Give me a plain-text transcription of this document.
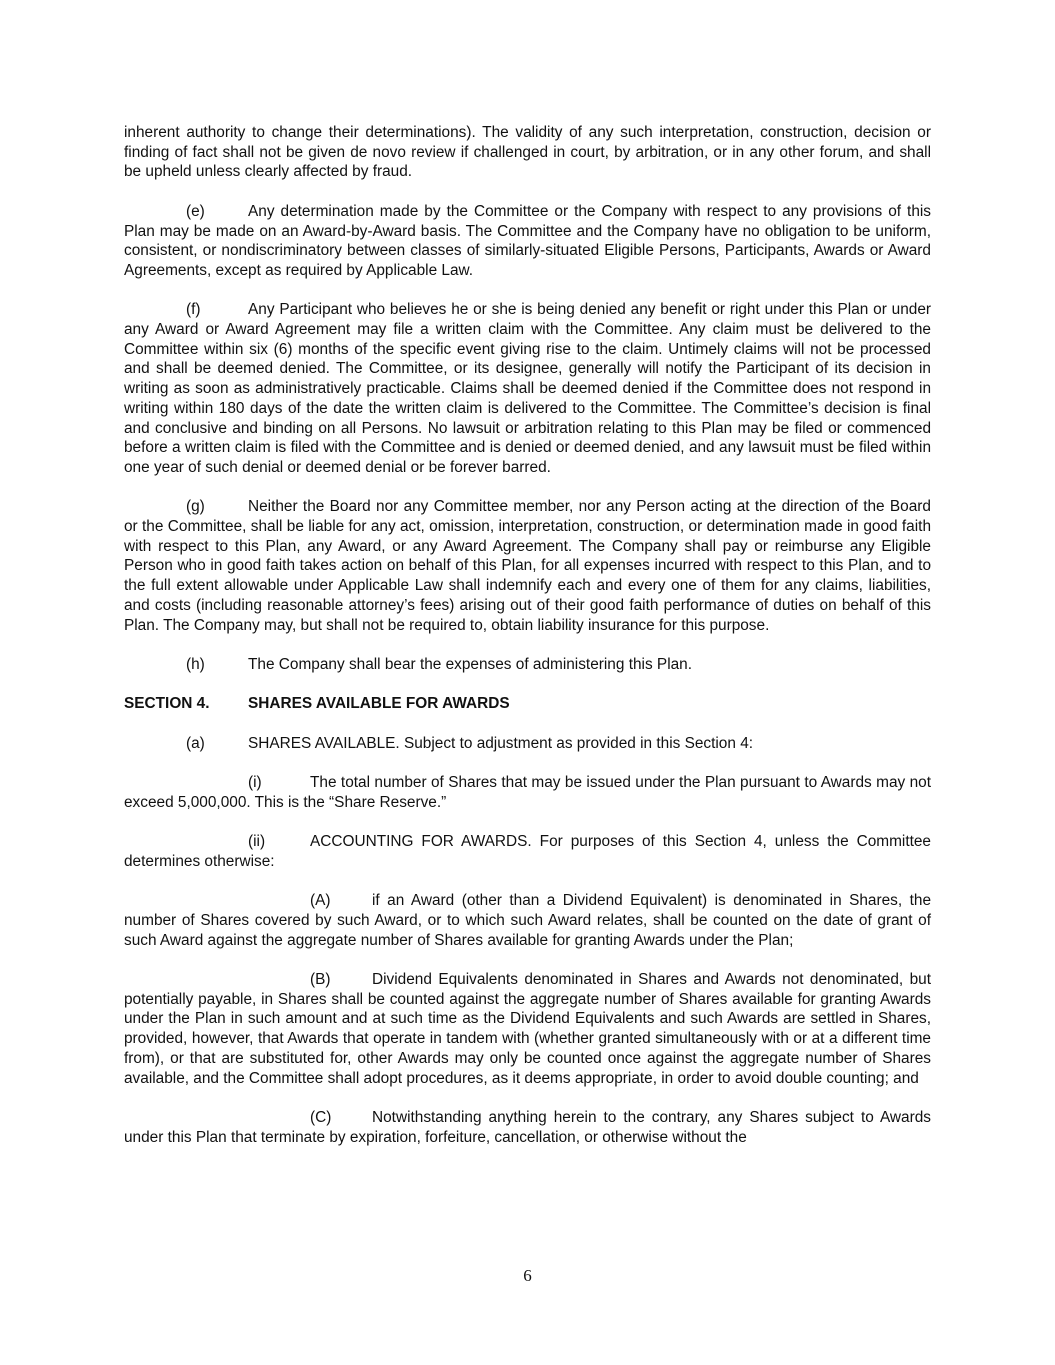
inherent authority to change their determinations). The validity of any such interpretation, construction, decision or finding of fact shall not be given de novo review if challenged in court, by arbitration, or in any other forum, and shall be upheld unless clearly affected by fraud.

(e)	Any determination made by the Committee or the Company with respect to any provisions of this Plan may be made on an Award-by-Award basis. The Committee and the Company have no obligation to be uniform, consistent, or nondiscriminatory between classes of similarly-situated Eligible Persons, Participants, Awards or Award Agreements, except as required by Applicable Law.

(f)	Any Participant who believes he or she is being denied any benefit or right under this Plan or under any Award or Award Agreement may file a written claim with the Committee. Any claim must be delivered to the Committee within six (6) months of the specific event giving rise to the claim. Untimely claims will not be processed and shall be deemed denied. The Committee, or its designee, generally will notify the Participant of its decision in writing as soon as administratively practicable. Claims shall be deemed denied if the Committee does not respond in writing within 180 days of the date the written claim is delivered to the Committee. The Committee’s decision is final and conclusive and binding on all Persons. No lawsuit or arbitration relating to this Plan may be filed or commenced before a written claim is filed with the Committee and is denied or deemed denied, and any lawsuit must be filed within one year of such denial or deemed denial or be forever barred.

(g)	Neither the Board nor any Committee member, nor any Person acting at the direction of the Board or the Committee, shall be liable for any act, omission, interpretation, construction, or determination made in good faith with respect to this Plan, any Award, or any Award Agreement. The Company shall pay or reimburse any Eligible Person who in good faith takes action on behalf of this Plan, for all expenses incurred with respect to this Plan, and to the full extent allowable under Applicable Law shall indemnify each and every one of them for any claims, liabilities, and costs (including reasonable attorney’s fees) arising out of their good faith performance of duties on behalf of this Plan. The Company may, but shall not be required to, obtain liability insurance for this purpose.

(h)	The Company shall bear the expenses of administering this Plan.

SECTION 4. SHARES AVAILABLE FOR AWARDS

(a)	SHARES AVAILABLE. Subject to adjustment as provided in this Section 4:

(i)	The total number of Shares that may be issued under the Plan pursuant to Awards may not exceed 5,000,000. This is the “Share Reserve.”

(ii)	ACCOUNTING FOR AWARDS. For purposes of this Section 4, unless the Committee determines otherwise:

(A)	if an Award (other than a Dividend Equivalent) is denominated in Shares, the number of Shares covered by such Award, or to which such Award relates, shall be counted on the date of grant of such Award against the aggregate number of Shares available for granting Awards under the Plan;

(B)	Dividend Equivalents denominated in Shares and Awards not denominated, but potentially payable, in Shares shall be counted against the aggregate number of Shares available for granting Awards under the Plan in such amount and at such time as the Dividend Equivalents and such Awards are settled in Shares, provided, however, that Awards that operate in tandem with (whether granted simultaneously with or at a different time from), or that are substituted for, other Awards may only be counted once against the aggregate number of Shares available, and the Committee shall adopt procedures, as it deems appropriate, in order to avoid double counting; and

(C)	Notwithstanding anything herein to the contrary, any Shares subject to Awards under this Plan that terminate by expiration, forfeiture, cancellation, or otherwise without the

6
